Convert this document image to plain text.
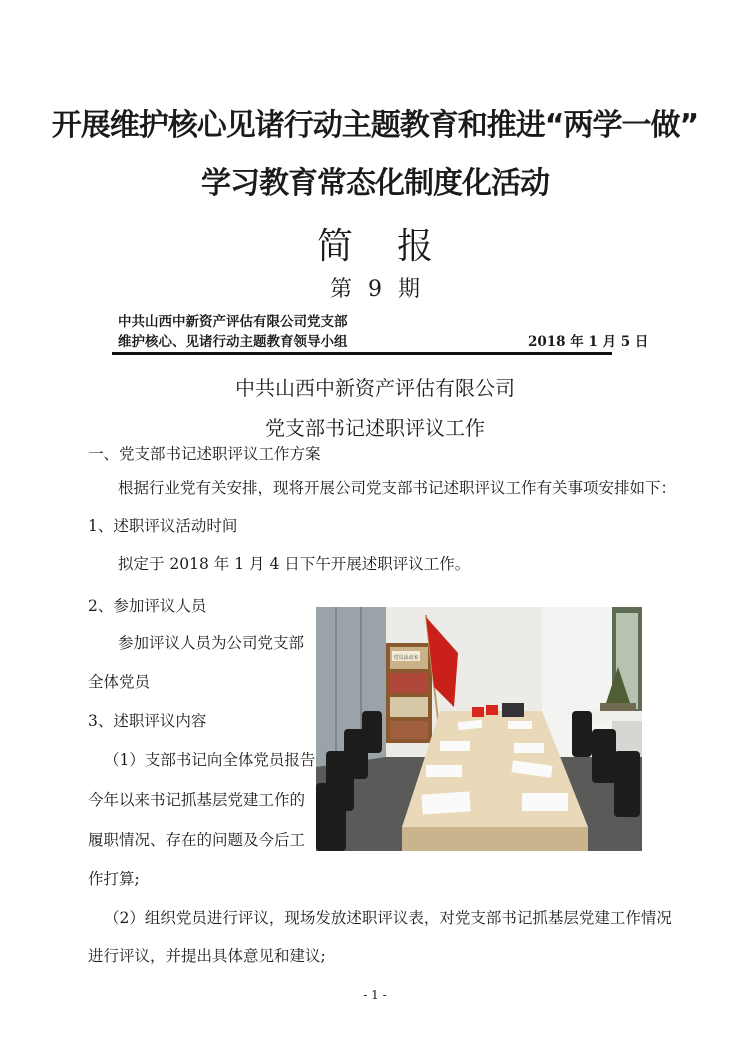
开展维护核心见诸行动主题教育和推进“两学一做”
学习教育常态化制度化活动
简报
第 9 期
中共山西中新资产评估有限公司党支部
维护核心、见诸行动主题教育领导小组	2018 年 1 月 5 日
中共山西中新资产评估有限公司
党支部书记述职评议工作
一、党支部书记述职评议工作方案
根据行业党有关安排，现将开展公司党支部书记述职评议工作有关事项安排如下：
1、述职评议活动时间
拟定于 2018 年 1 月 4 日下午开展述职评议工作。
2、参加评议人员
参加评议人员为公司党支部
全体党员
3、述职评议内容
（1）支部书记向全体党员报告
今年以来书记抓基层党建工作的
履职情况、存在的问题及今后工
作打算;
（2）组织党员进行评议，现场发放述职评议表，对党支部书记抓基层党建工作情况
进行评议，并提出具体意见和建议;
党员活动室
- 1 -
